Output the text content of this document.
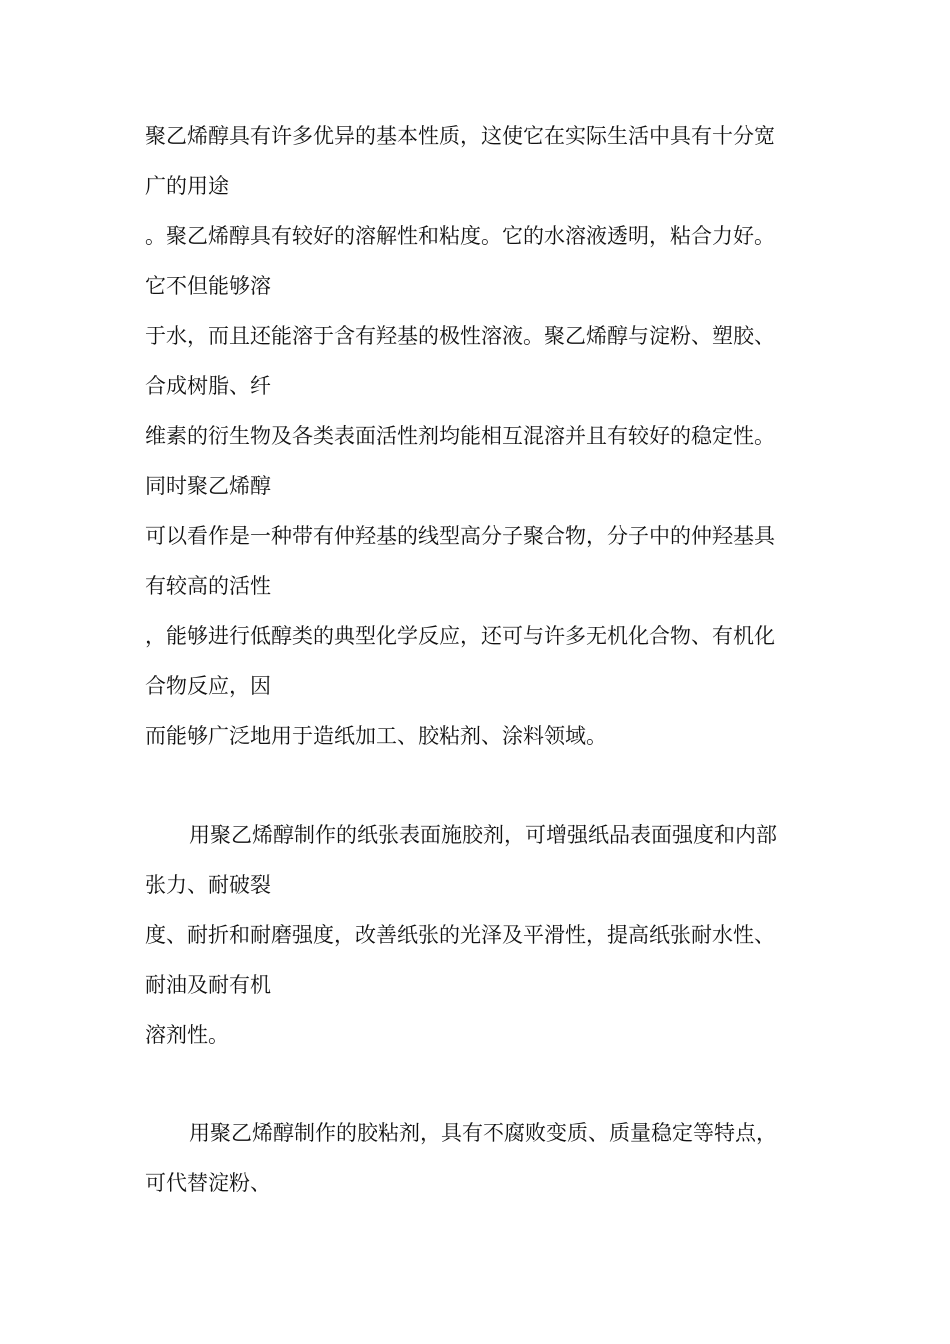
聚乙烯醇具有许多优异的基本性质，这使它在实际生活中具有十分宽
广的用途
。聚乙烯醇具有较好的溶解性和粘度。它的水溶液透明，粘合力好。
它不但能够溶
于水，而且还能溶于含有羟基的极性溶液。聚乙烯醇与淀粉、塑胶、
合成树脂、纤
维素的衍生物及各类表面活性剂均能相互混溶并且有较好的稳定性。
同时聚乙烯醇
可以看作是一种带有仲羟基的线型高分子聚合物，分子中的仲羟基具
有较高的活性
，能够进行低醇类的典型化学反应，还可与许多无机化合物、有机化
合物反应，因
而能够广泛地用于造纸加工、胶粘剂、涂料领域。
用聚乙烯醇制作的纸张表面施胶剂，可增强纸品表面强度和内部
张力、耐破裂
度、耐折和耐磨强度，改善纸张的光泽及平滑性，提高纸张耐水性、
耐油及耐有机
溶剂性。
用聚乙烯醇制作的胶粘剂，具有不腐败变质、质量稳定等特点，
可代替淀粉、
